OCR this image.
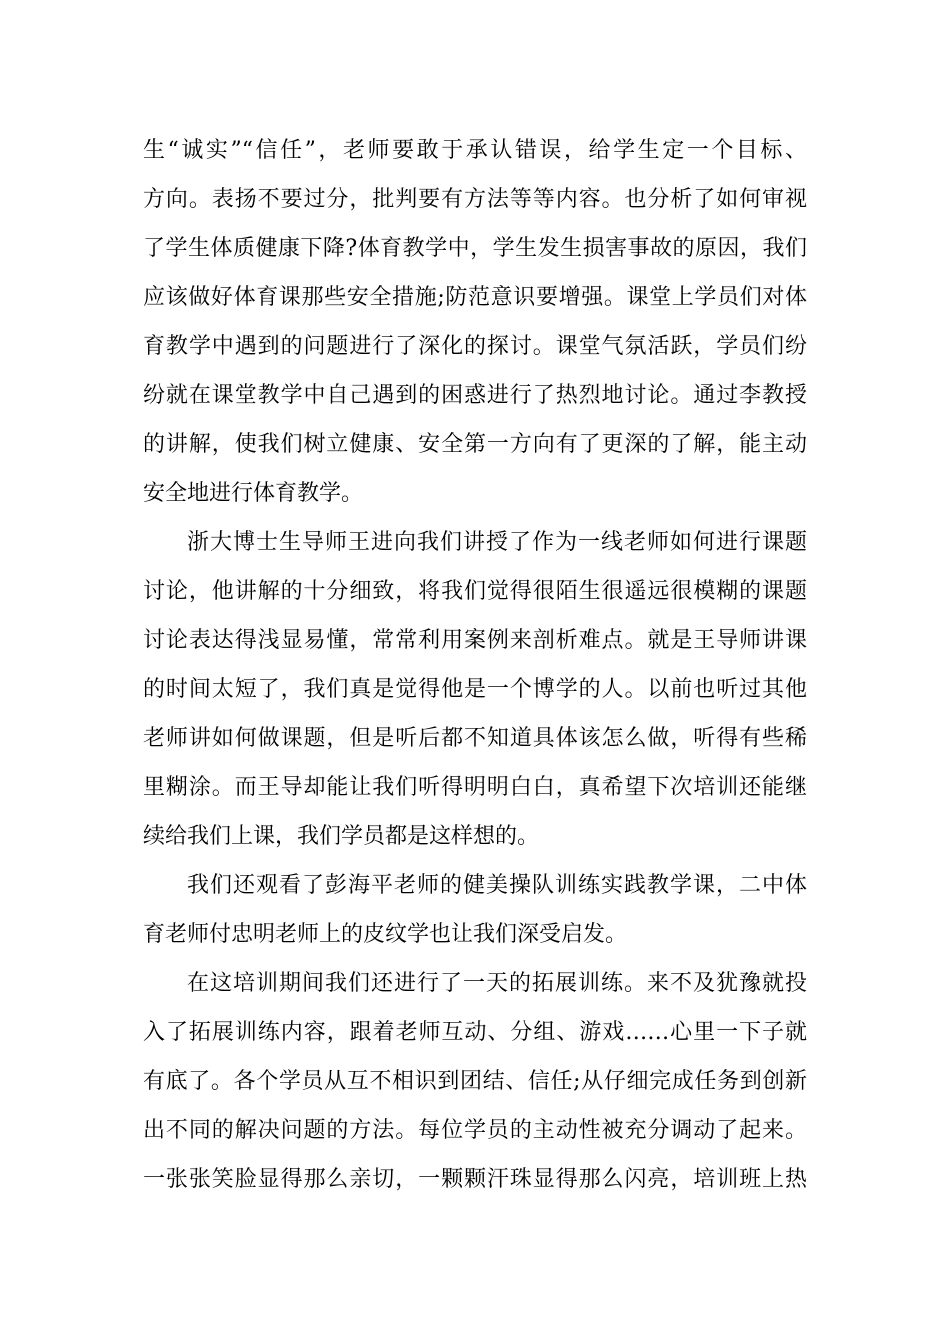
生“诚实”“信任”，老师要敢于承认错误，给学生定一个目标、
方向。表扬不要过分，批判要有方法等等内容。也分析了如何审视
了学生体质健康下降?体育教学中，学生发生损害事故的原因，我们
应该做好体育课那些安全措施;防范意识要增强。课堂上学员们对体
育教学中遇到的问题进行了深化的探讨。课堂气氛活跃，学员们纷
纷就在课堂教学中自己遇到的困惑进行了热烈地讨论。通过李教授
的讲解，使我们树立健康、安全第一方向有了更深的了解，能主动
安全地进行体育教学。
浙大博士生导师王进向我们讲授了作为一线老师如何进行课题
讨论，他讲解的十分细致，将我们觉得很陌生很遥远很模糊的课题
讨论表达得浅显易懂，常常利用案例来剖析难点。就是王导师讲课
的时间太短了，我们真是觉得他是一个博学的人。以前也听过其他
老师讲如何做课题，但是听后都不知道具体该怎么做，听得有些稀
里糊涂。而王导却能让我们听得明明白白，真希望下次培训还能继
续给我们上课，我们学员都是这样想的。
我们还观看了彭海平老师的健美操队训练实践教学课，二中体
育老师付忠明老师上的皮纹学也让我们深受启发。
在这培训期间我们还进行了一天的拓展训练。来不及犹豫就投
入了拓展训练内容，跟着老师互动、分组、游戏……心里一下子就
有底了。各个学员从互不相识到团结、信任;从仔细完成任务到创新
出不同的解决问题的方法。每位学员的主动性被充分调动了起来。
一张张笑脸显得那么亲切，一颗颗汗珠显得那么闪亮，培训班上热
